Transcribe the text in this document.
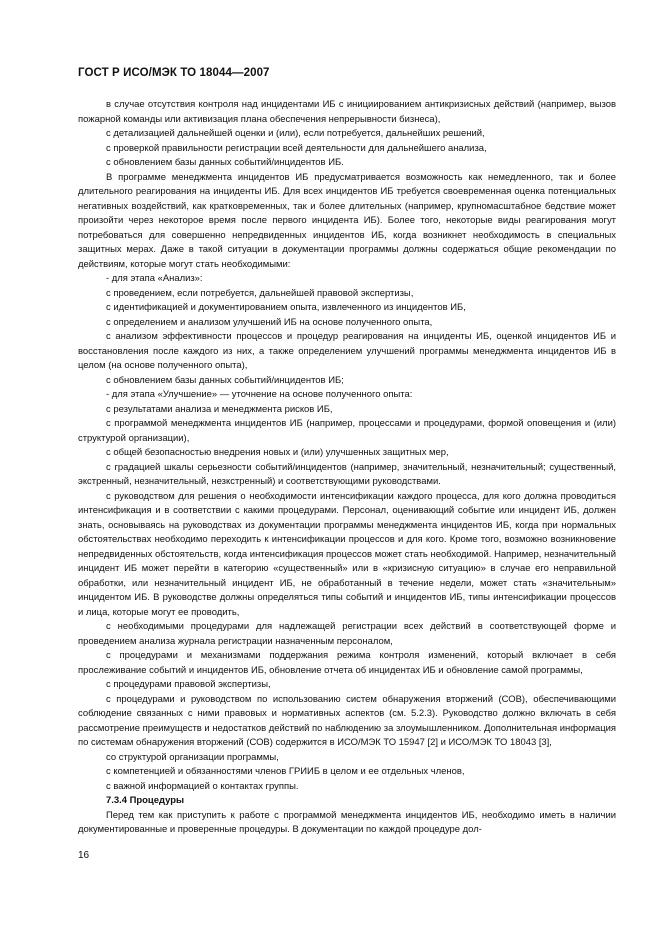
ГОСТ Р ИСО/МЭК ТО 18044—2007

в случае отсутствия контроля над инцидентами ИБ с инициированием антикризисных действий (например, вызов пожарной команды или активизация плана обеспечения непрерывности бизнеса),

с детализацией дальнейшей оценки и (или), если потребуется, дальнейших решений,

с проверкой правильности регистрации всей деятельности для дальнейшего анализа,

с обновлением базы данных событий/инцидентов ИБ.

В программе менеджмента инцидентов ИБ предусматривается возможность как немедленного, так и более длительного реагирования на инциденты ИБ. Для всех инцидентов ИБ требуется своевременная оценка потенциальных негативных воздействий, как кратковременных, так и более длительных (например, крупномасштабное бедствие может произойти через некоторое время после первого инцидента ИБ). Более того, некоторые виды реагирования могут потребоваться для совершенно непредвиденных инцидентов ИБ, когда возникнет необходимость в специальных защитных мерах. Даже в такой ситуации в документации программы должны содержаться общие рекомендации по действиям, которые могут стать необходимыми:

- для этапа «Анализ»:

с проведением, если потребуется, дальнейшей правовой экспертизы,

с идентификацией и документированием опыта, извлеченного из инцидентов ИБ,

с определением и анализом улучшений ИБ на основе полученного опыта,

с анализом эффективности процессов и процедур реагирования на инциденты ИБ, оценкой инцидентов ИБ и восстановления после каждого из них, а также определением улучшений программы менеджмента инцидентов ИБ в целом (на основе полученного опыта),

с обновлением базы данных событий/инцидентов ИБ;

- для этапа «Улучшение» — уточнение на основе полученного опыта:

с результатами анализа и менеджмента рисков ИБ,

с программой менеджмента инцидентов ИБ (например, процессами и процедурами, формой оповещения и (или) структурой организации),

с общей безопасностью внедрения новых и (или) улучшенных защитных мер,

с градацией шкалы серьезности событий/инцидентов (например, значительный, незначительный; существенный, экстренный, незначительный, незкстренный) и соответствующими руководствами.

с руководством для решения о необходимости интенсификации каждого процесса, для кого должна проводиться интенсификация и в соответствии с какими процедурами. Персонал, оценивающий событие или инцидент ИБ, должен знать, основываясь на руководствах из документации программы менеджмента инцидентов ИБ, когда при нормальных обстоятельствах необходимо переходить к интенсификации процессов и для кого. Кроме того, возможно возникновение непредвиденных обстоятельств, когда интенсификация процессов может стать необходимой. Например, незначительный инцидент ИБ может перейти в категорию «существенный» или в «кризисную ситуацию» в случае его неправильной обработки, или незначительный инцидент ИБ, не обработанный в течение недели, может стать «значительным» инцидентом ИБ. В руководстве должны определяться типы событий и инцидентов ИБ, типы интенсификации процессов и лица, которые могут ее проводить,

с необходимыми процедурами для надлежащей регистрации всех действий в соответствующей форме и проведением анализа журнала регистрации назначенным персоналом,

с процедурами и механизмами поддержания режима контроля изменений, который включает в себя прослеживание событий и инцидентов ИБ, обновление отчета об инцидентах ИБ и обновление самой программы,

с процедурами правовой экспертизы,

с процедурами и руководством по использованию систем обнаружения вторжений (СОВ), обеспечивающими соблюдение связанных с ними правовых и нормативных аспектов (см. 5.2.3). Руководство должно включать в себя рассмотрение преимуществ и недостатков действий по наблюдению за злоумышленником. Дополнительная информация по системам обнаружения вторжений (СОВ) содержится в ИСО/МЭК ТО 15947 [2] и ИСО/МЭК ТО 18043 [3],

со структурой организации программы,

с компетенцией и обязанностями членов ГРИИБ в целом и ее отдельных членов,

с важной информацией о контактах группы.

7.3.4 Процедуры

Перед тем как приступить к работе с программой менеджмента инцидентов ИБ, необходимо иметь в наличии документированные и проверенные процедуры. В документации по каждой процедуре дол-

16
